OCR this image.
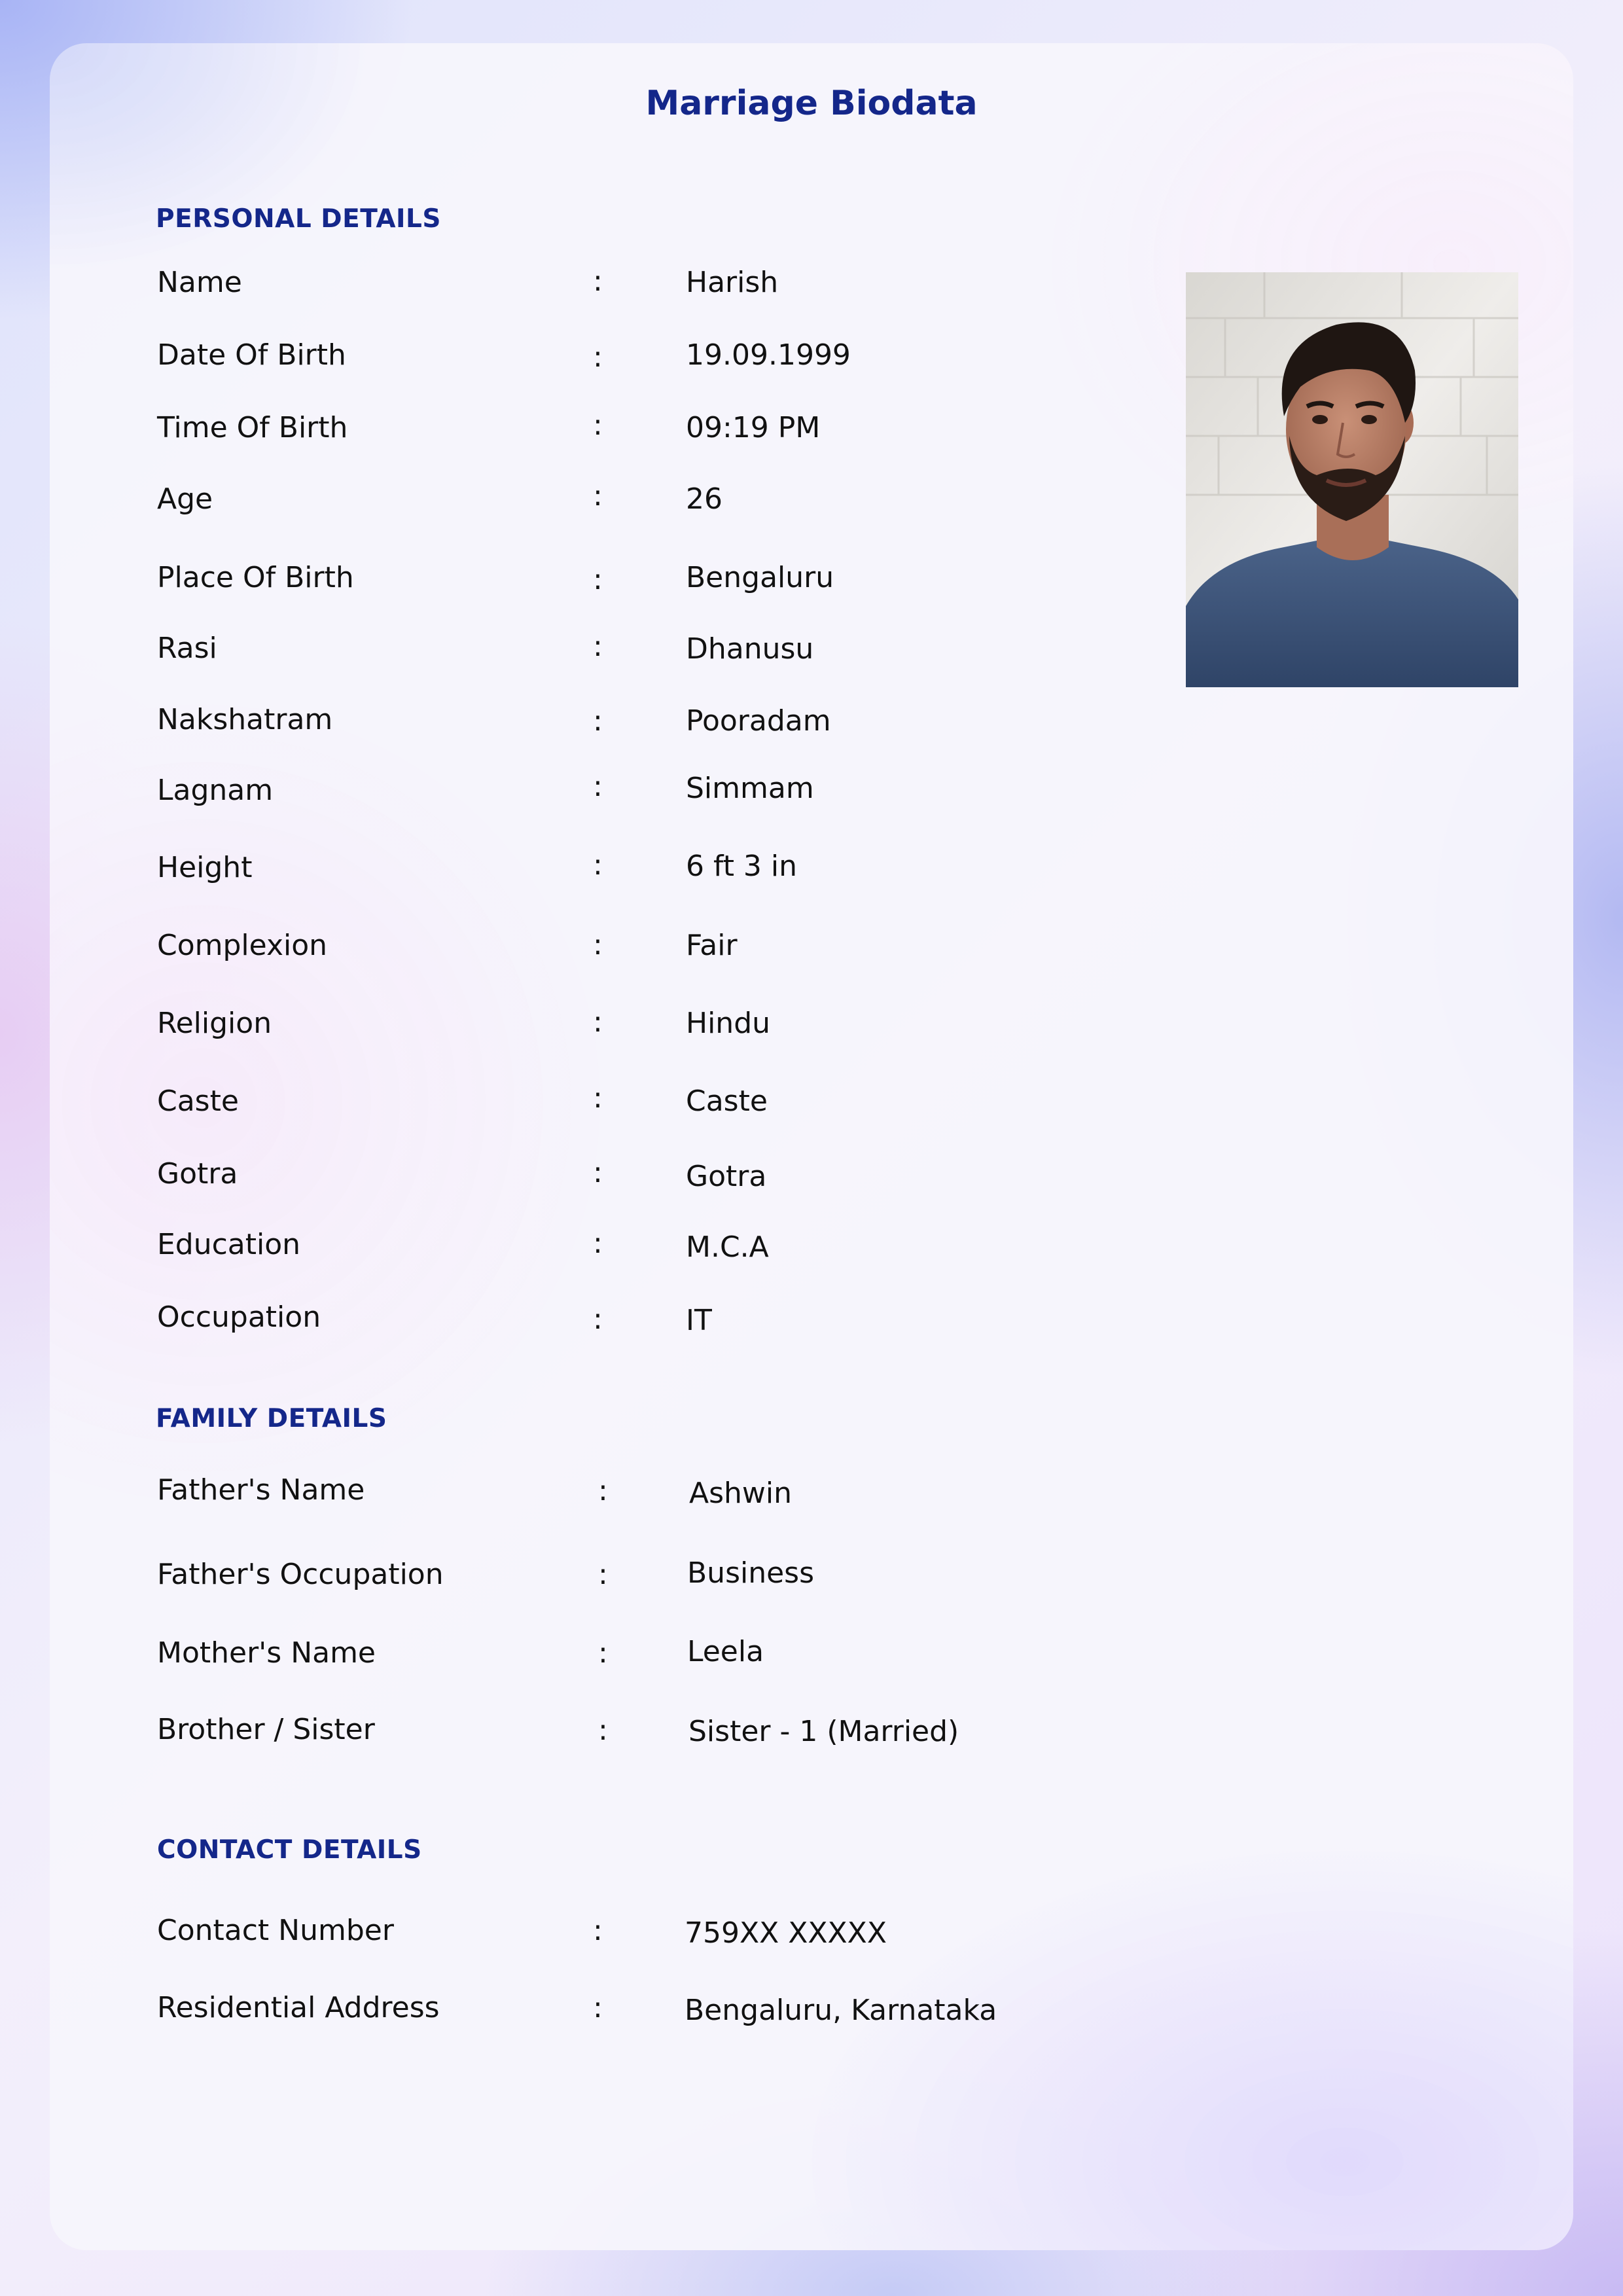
Marriage Biodata
PERSONAL DETAILS
Name	:	Harish
Date Of Birth	:	19.09.1999
Time Of Birth	:	09:19 PM
Age	:	26
Place Of Birth	:	Bengaluru
Rasi	:	Dhanusu
Nakshatram	:	Pooradam
Lagnam	:	Simmam
Height	:	6 ft 3 in
Complexion	:	Fair
Religion	:	Hindu
Caste	:	Caste
Gotra	:	Gotra
Education	:	M.C.A
Occupation	:	IT
FAMILY DETAILS
Father's Name	:	Ashwin
Father's Occupation	:	Business
Mother's Name	:	Leela
Brother / Sister	:	Sister - 1 (Married)
CONTACT DETAILS
Contact Number	:	759XX XXXXX
Residential Address	:	Bengaluru, Karnataka
